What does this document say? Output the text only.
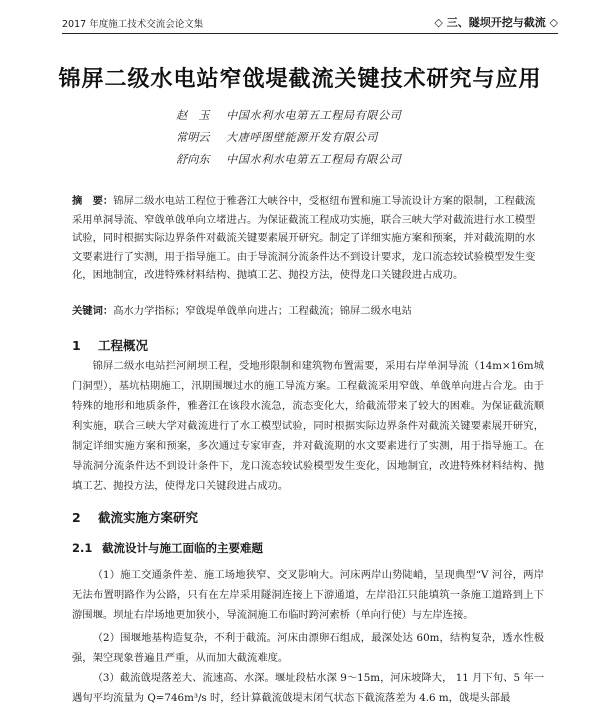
2017 年度施工技术交流会论文集	◇ 三、隧坝开挖与截流 ◇
锦屏二级水电站窄戗堤截流关键技术研究与应用
赵　玉	中国水利水电第五工程局有限公司
常明云	大唐呼图壁能源开发有限公司
舒向东	中国水利水电第五工程局有限公司
摘　要：锦屏二级水电站工程位于雅砻江大峡谷中，受枢纽布置和施工导流设计方案的限制，工程截流采用单洞导流、窄戗单戗单向立堵进占。为保证截流工程成功实施，联合三峡大学对截流进行水工模型试验，同时根据实际边界条件对截流关键要素展开研究。制定了详细实施方案和预案，并对截流期的水文要素进行了实测，用于指导施工。由于导流洞分流条件达不到设计要求，龙口流态较试验模型发生变化，困地制宜，改进特殊材料结构、抛填工艺、抛投方法，使得龙口关键段进占成功。
关键词：高水力学指标；窄戗堤单戗单向进占；工程截流；锦屏二级水电站
1 工程概况

锦屏二级水电站拦河闸坝工程，受地形限制和建筑物布置需要，采用右岸单洞导流（14m×16m城门洞型），基坑枯期施工，汛期围堰过水的施工导流方案。工程截流采用窄戗、单戗单向进占合龙。由于特殊的地形和地质条件，雅砻江在该段水流急，流态变化大，给截流带来了较大的困难。为保证截流顺利实施，联合三峡大学对截流进行了水工模型试验，同时根据实际边界条件对截流关键要素展开研究，制定详细实施方案和预案，多次通过专家审查，并对截流期的水文要素进行了实测，用于指导施工。在导流洞分流条件达不到设计条件下，龙口流态较试验模型发生变化，因地制宜，改进特殊材料结构、抛填工艺、抛投方法，使得龙口关键段进占成功。

2 截流实施方案研究
2.1 截流设计与施工面临的主要难题

（1）施工交通条件差、施工场地狭窄、交叉影响大。河床两岸山势陡峭，呈现典型“V 河谷，两岸无法布置明路作为公路，只有在左岸采用隧洞连接上下游通道，左岸沿江只能填筑一条施工道路到上下游围堰。坝址右岸场地更加狭小，导流洞施工布临时跨河索桥（单向行使）与左岸连接。

（2）围堰地基构造复杂，不利于截流。河床由漂卵石组成，最深处达 60m，结构复杂，透水性极强，架空现象普遍且严重，从而加大截流难度。

（3）截流戗堤落差大、流速高、水深。堰址段枯水深 9～15m，河床坡降大， 11 月下旬、5 年一遇旬平均流量为 Q=746m³/s 时，经计算截流戗堤末闭气状态下截流落差为 4.6 m，戗堤头部最
